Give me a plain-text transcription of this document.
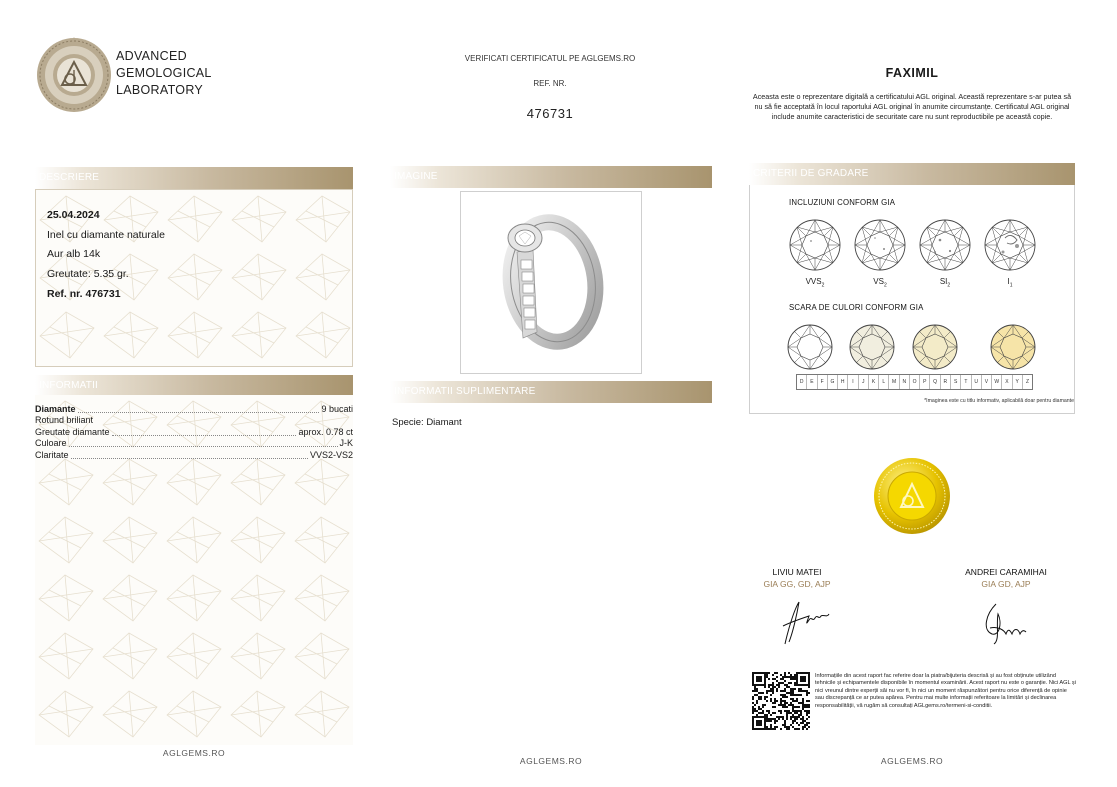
ADVANCED
GEMOLOGICAL
LABORATORY
VERIFICATI CERTIFICATUL PE AGLGEMS.RO
REF. NR.
476731
FAXIMIL
Aceasta este o reprezentare digitală a certificatului AGL original. Această reprezentare s-ar putea să nu să fie acceptată în locul raportului AGL original în anumite circumstanțe. Certificatul AGL original include anumite caracteristici de securitate care nu sunt reproductibile pe această copie.
DESCRIERE
25.04.2024
Inel cu diamante naturale
Aur alb 14k
Greutate: 5.35 gr.
Ref. nr. 476731
INFORMATII
Diamante	9 bucati
Rotund briliant
Greutate diamante	aprox. 0.78 ct
Culoare	J-K
Claritate	VVS2-VS2
AGLGEMS.RO
IMAGINE
INFORMATII SUPLIMENTARE
Specie: Diamant
AGLGEMS.RO
CRITERII DE GRADARE
INCLUZIUNI CONFORM GIA
$VVS_2$	$VS_2$	$SI_2$	$I_1$
SCARA DE CULORI CONFORM GIA
D	E	F	G	H	I	J	K	L	M	N	O	P	Q	R	S	T	U	V	W	X	Y	Z
*Imaginea este cu titlu informativ, aplicabilă doar pentru diamante
LIVIU MATEI
GIA GG, GD, AJP
ANDREI CARAMIHAI
GIA GD, AJP
Informațiile din acest raport fac referire doar la piatra/bijuteria descrisă și au fost obținute utilizând tehnicile și echipamentele disponibile în momentul examinării. Acest raport nu este o garanție. Nici AGL și nici vreunul dintre experții săi nu vor fi, în nici un moment răspunzători pentru orice diferență de opinie sau discrepanță ce ar putea apărea. Pentru mai multe informații referitoare la limitări și declinarea responsabilității, vă rugăm să consultați AGLgems.ro/termeni-si-conditii.
AGLGEMS.RO
